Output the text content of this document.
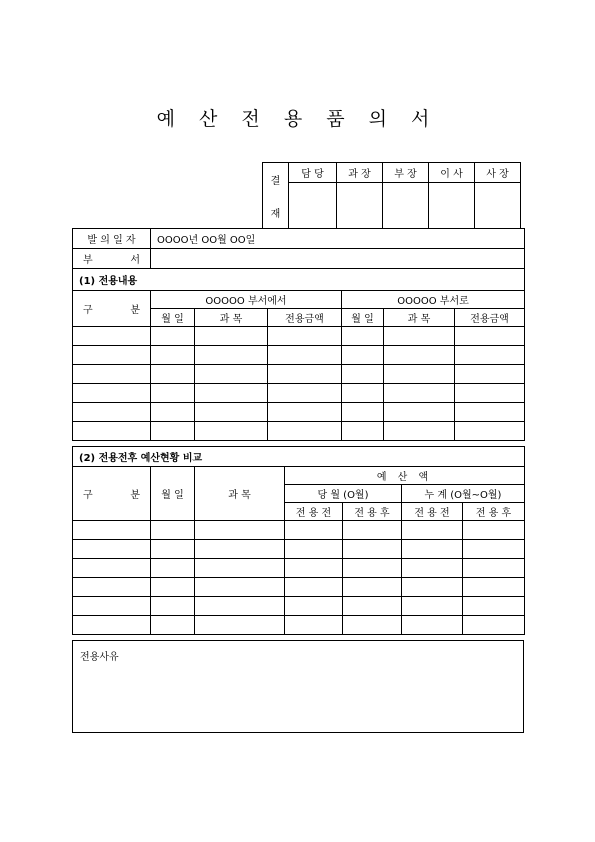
예 산 전 용 품 의 서
결
재	담 당	과 장	부 장	이 사	사 장

발 의 일 자	OOOO년 OO월 OO일					

부 서						

(1) 전용내용						

구 분	OOOOO 부서에서			OOOOO 부서로		
	월 일	과 목	전용금액	월 일	과 목	전용금액

(2) 전용전후 예산현황 비교						

구 분	월 일	과 목	예 산 액			
			당 월 (O월)		누 계 (O월~O월)	
			전 용 전	전 용 후	전 용 전	전 용 후

전용사유
